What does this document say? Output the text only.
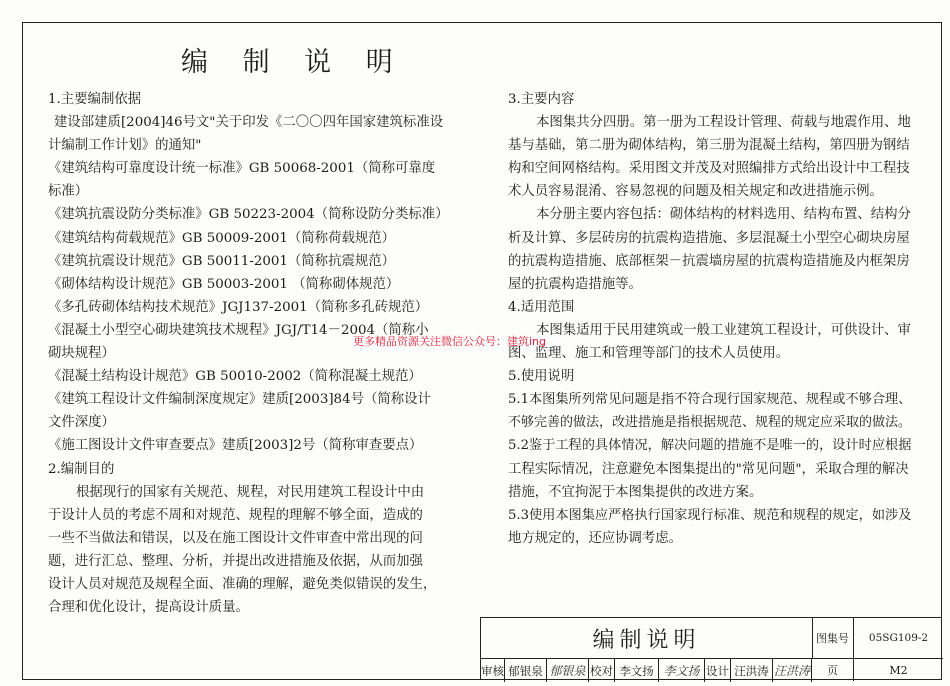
编 制 说 明
1.主要编制依据
建设部建质[2004]46号文"关于印发《二〇〇四年国家建筑标准设
计编制工作计划》的通知"
《建筑结构可靠度设计统一标准》GB 50068-2001（简称可靠度
标准）
《建筑抗震设防分类标准》GB 50223-2004（简称设防分类标准）
《建筑结构荷载规范》GB 50009-2001（简称荷载规范）
《建筑抗震设计规范》GB 50011-2001（简称抗震规范）
《砌体结构设计规范》GB 50003-2001 （简称砌体规范）
《多孔砖砌体结构技术规范》JGJ137-2001（简称多孔砖规范）
《混凝土小型空心砌块建筑技术规程》JGJ/T14－2004（简称小
砌块规程）
《混凝土结构设计规范》GB 50010-2002（简称混凝土规范）
《建筑工程设计文件编制深度规定》建质[2003]84号（简称设计
文件深度）
《施工图设计文件审查要点》建质[2003]2号（简称审查要点）
2.编制目的
根据现行的国家有关规范、规程，对民用建筑工程设计中由
于设计人员的考虑不周和对规范、规程的理解不够全面，造成的
一些不当做法和错误，以及在施工图设计文件审查中常出现的问
题，进行汇总、整理、分析，并提出改进措施及依据，从而加强
设计人员对规范及规程全面、准确的理解，避免类似错误的发生，
合理和优化设计，提高设计质量。
3.主要内容
本图集共分四册。第一册为工程设计管理、荷载与地震作用、地
基与基础，第二册为砌体结构，第三册为混凝土结构，第四册为钢结
构和空间网格结构。采用图文并茂及对照编排方式给出设计中工程技
术人员容易混淆、容易忽视的问题及相关规定和改进措施示例。
本分册主要内容包括：砌体结构的材料选用、结构布置、结构分
析及计算、多层砖房的抗震构造措施、多层混凝土小型空心砌块房屋
的抗震构造措施、底部框架－抗震墙房屋的抗震构造措施及内框架房
屋的抗震构造措施等。
4.适用范围
本图集适用于民用建筑或一般工业建筑工程设计，可供设计、审
图、监理、施工和管理等部门的技术人员使用。
5.使用说明
5.1本图集所列常见问题是指不符合现行国家规范、规程或不够合理、
不够完善的做法，改进措施是指根据规范、规程的规定应采取的做法。
5.2鉴于工程的具体情况，解决问题的措施不是唯一的，设计时应根据
工程实际情况，注意避免本图集提出的"常见问题"，采取合理的解决
措施，不宜拘泥于本图集提供的改进方案。
5.3使用本图集应严格执行国家现行标准、规范和规程的规定，如涉及
地方规定的，还应协调考虑。
更多精品资源关注微信公众号：建筑ing
编制说明	图集号	05SG109-2
审核 郁银泉 郁银泉 校对 李文扬 李文扬 设计 汪洪涛 汪洪涛	页	M2
